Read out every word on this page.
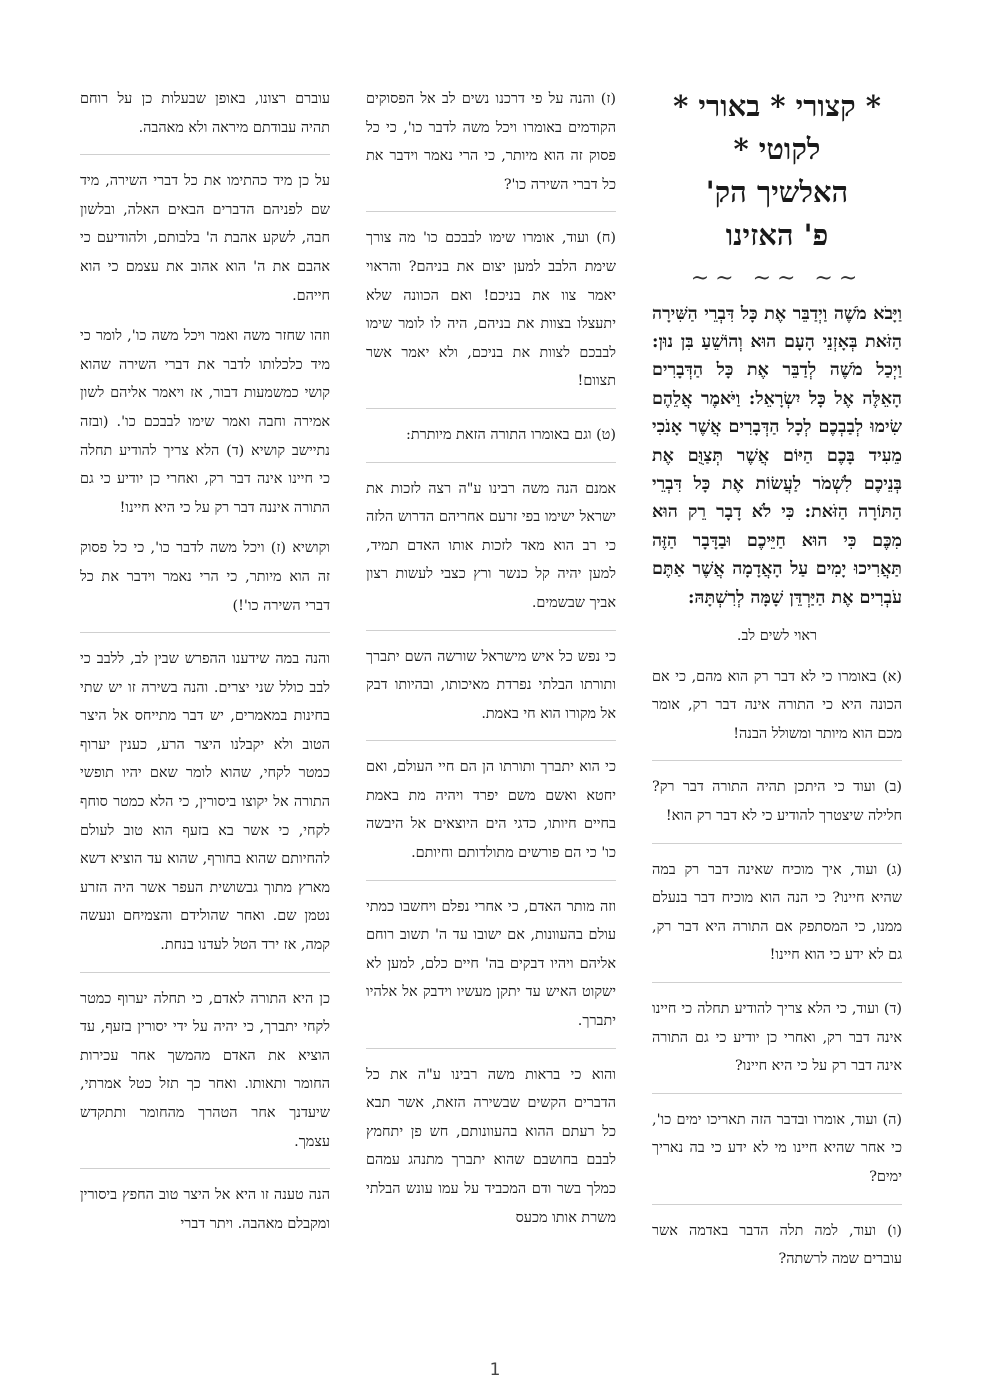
* קצורי * באורי * לקוטי *
האלשיך הק'
פ' האזינו
~~ ~~ ~~
וַיָּבֹא מֹשֶׁה וַיְדַבֵּר אֶת כָּל דִּבְרֵי הַשִּׁירָה הַזֹּאת בְּאָזְנֵי הָעָם הוּא וְהוֹשֵׁעַ בִּן נוּן: וַיְכַל מֹשֶׁה לְדַבֵּר אֶת כָּל הַדְּבָרִים הָאֵלֶּה אֶל כָּל יִשְׂרָאֵל: וַיֹּאמֶר אֲלֵהֶם שִׂימוּ לְבַבְכֶם לְכָל הַדְּבָרִים אֲשֶׁר אָנֹכִי מֵעִיד בָּכֶם הַיּוֹם אֲשֶׁר תְּצַוֻּם אֶת בְּנֵיכֶם לִשְׁמֹר לַעֲשׂוֹת אֶת כָּל דִּבְרֵי הַתּוֹרָה הַזֹּאת: כִּי לֹא דָבָר רֵק הוּא מִכֶּם כִּי הוּא חַיֵּיכֶם וּבַדָּבָר הַזֶּה תַּאֲרִיכוּ יָמִים עַל הָאֲדָמָה אֲשֶׁר אַתֶּם עֹבְרִים אֶת הַיַּרְדֵּן שָׁמָּה לְרִשְׁתָּהּ:

ראוי לשים לב.

(א) באומרו כי לא דבר רק הוא מהם, כי אם הכונה היא כי התורה אינה דבר רק, אומר מכם הוא מיותר ומשולל הבנה!

(ב) ועוד כי היתכן תהיה התורה דבר רק? חלילה שיצטרך להודיע כי לא דבר רק הוא!

(ג) ועוד, איך מוכיח שאינה דבר רק במה שהיא חיינו? כי הנה הוא מוכיח דבר בנעלם ממנו, כי המסתפק אם התורה היא דבר רק, גם לא ידע כי הוא חיינו!

(ד) ועוד, כי הלא צריך להודיע תחלה כי חיינו אינה דבר רק, ואחרי כן יודיע כי גם התורה אינה דבר רק על כי היא חיינו?

(ה) ועוד, אומרו ובדבר הזה תאריכו ימים כו', כי אחר שהיא חיינו מי לא ידע כי בה נאריך ימים?

(ו) ועוד, למה תלה הדבר באדמה אשר עוברים שמה לרשתה?

(ז) והנה על פי דרכנו נשים לב אל הפסוקים הקודמים באומרו ויכל משה לדבר כו', כי כל פסוק זה הוא מיותר, כי הרי נאמר וידבר את כל דברי השירה כו'?

(ח) ועוד, אומרו שימו לבבכם כו' מה צורך שימת הלבב למען יצום את בניהם? והראוי יאמר צוו את בניכם! ואם הכוונה שלא יתעצלו בצוות את בניהם, היה לו לומר שימו לבבכם לצוות את בניכם, ולא יאמר אשר תצוום!

(ט) וגם באומרו התורה הזאת מיותרת:

אמנם הנה משה רבינו ע"ה רצה לזכות את ישראל ישימו בפי זרעם אחריהם הדרוש הלזה כי רב הוא מאד לזכות אותו האדם תמיד, למען יהיה קל כנשר ורץ כצבי לעשות רצון אביך שבשמים.

כי נפש כל איש מישראל שורשה השם יתברך ותורתו הבלתי נפרדת מאיכותו, ובהיותו דבק אל מקורו הוא חי באמת.

כי הוא יתברך ותורתו הן הם חיי העולם, ואם יחטא ואשם משם יפרד ויהיה מת באמת בחיים חיותו, כדגי הים היוצאים אל היבשה כו' כי הם פורשים מתולדותם וחיותם.

וזה מותר האדם, כי אחרי נפלם ויחשבו כמתי עולם בהעוונות, אם ישובו עד ה' תשוב רוחם אליהם ויהיו דבקים בה' חיים כלם, למען לא ישקוט האיש עד יתקן מעשיו וידבק אל אלהיו יתברך.

והוא כי בראות משה רבינו ע"ה את כל הדברים הקשים שבשירה הזאת, אשר תבא כל רעתם ההוא בהעוונותם, חש פן יתחמץ לבבם בחושבם שהוא יתברך מתנהג עמהם כמלך בשר ודם המכביד על עמו עונש הבלתי משרת אותו מכעס

עוברם רצונו, באופן שבעלות כן על רוחם תהיה עבודתם מיראה ולא מאהבה.

על כן מיד כהתימו את כל דברי השירה, מיד שם לפניהם הדברים הבאים האלה, ובלשון חבה, לשקע אהבת ה' בלבותם, ולהודיעם כי אהבם את ה' הוא אהוב את עצמם כי הוא חייהם.

וזהו שחזר משה ואמר ויכל משה כו', לומר כי מיד כלכלותו לדבר את דברי השירה שהוא קושי כמשמעות דבור, אז ויאמר אליהם לשון אמירה וחבה ואמר שימו לבבכם כו'. (ובזה נתיישב קושיא (ד) הלא צריך להודיע תחלה כי חיינו אינה דבר רק, ואחרי כן יודיע כי גם התורה איננה דבר רק על כי היא חיינו!

וקושיא (ז) ויכל משה לדבר כו', כי כל פסוק זה הוא מיותר, כי הרי נאמר וידבר את כל דברי השירה כו'!)

והנה במה שידענו ההפרש שבין לב, ללבב כי לבב כולל שני יצרים. והנה בשירה זו יש שתי בחינות במאמרים, יש דבר מתייחס אל היצר הטוב ולא יקבלנו היצר הרע, כענין יערוף כמטר לקחי, שהוא לומר שאם יהיו תופשי התורה אל יקוצו ביסורין, כי הלא כמטר סוחף לקחי, כי אשר בא בזעף הוא טוב לעולם להחיותם שהוא בחורף, שהוא עד הוציא דשא מארץ מתוך גבשושית העפר אשר היה הזרע נטמן שם. ואחר שהולידם והצמיחם ונעשה קמה, אז ירד הטל לעדנו בנחת.

כן היא התורה לאדם, כי תחלה יערוף כמטר לקחי יתברך, כי יהיה על ידי יסורין בזעף, עד הוציא את האדם מהמשך אחר עכירות החומר ותאותו. ואחר כך תזל כטל אמרתי, שיעדנך אחר הטהרך מהחומר ותתקדש עצמך.

הנה טענה זו היא אל היצר טוב החפץ ביסורין ומקבלם מאהבה. ויתר דברי

1
